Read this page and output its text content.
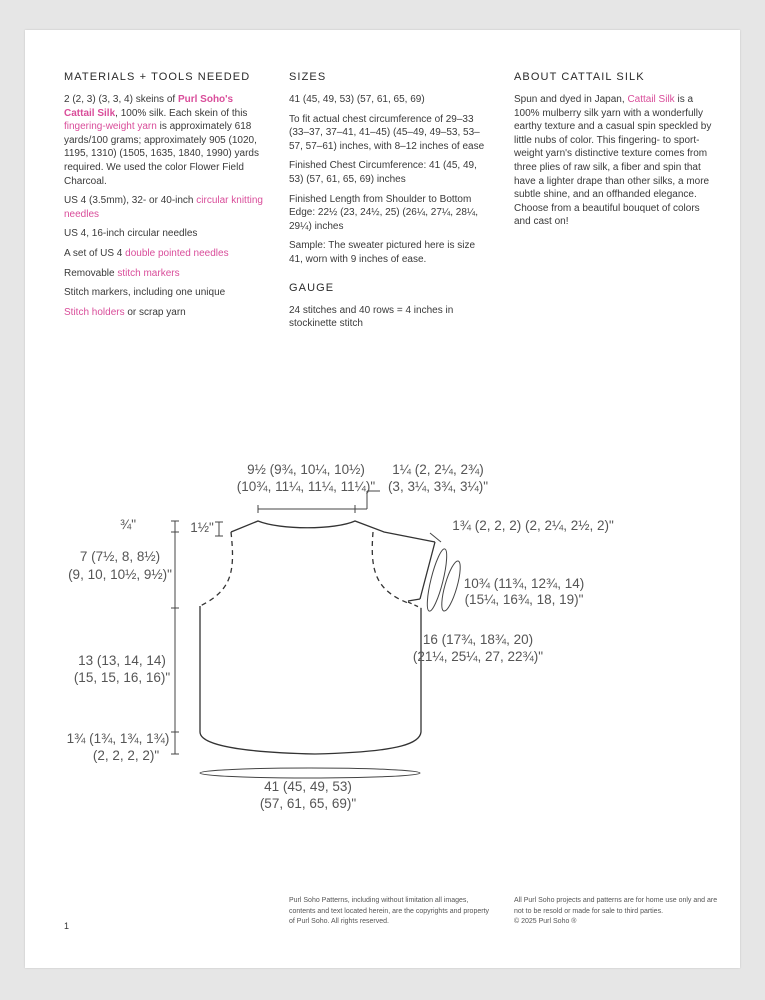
MATERIALS + TOOLS NEEDED

2 (2, 3) (3, 3, 4) skeins of Purl Soho's Cattail Silk, 100% silk. Each skein of this fingering-weight yarn is approximately 618 yards/100 grams; approximately 905 (1020, 1195, 1310) (1505, 1635, 1840, 1990) yards required. We used the color Flower Field Charcoal.

US 4 (3.5mm), 32- or 40-inch circular knitting needles

US 4, 16-inch circular needles

A set of US 4 double pointed needles

Removable stitch markers

Stitch markers, including one unique

Stitch holders or scrap yarn

SIZES

41 (45, 49, 53) (57, 61, 65, 69)

To fit actual chest circumference of 29–33 (33–37, 37–41, 41–45) (45–49, 49–53, 53–57, 57–61) inches, with 8–12 inches of ease

Finished Chest Circumference: 41 (45, 49, 53) (57, 61, 65, 69) inches

Finished Length from Shoulder to Bottom Edge: 22½ (23, 24½, 25) (26¼, 27¼, 28¼, 29¼) inches

Sample: The sweater pictured here is size 41, worn with 9 inches of ease.

GAUGE

24 stitches and 40 rows = 4 inches in stockinette stitch

ABOUT CATTAIL SILK

Spun and dyed in Japan, Cattail Silk is a 100% mulberry silk yarn with a wonderfully earthy texture and a casual spin speckled by little nubs of color. This fingering- to sport-weight yarn's distinctive texture comes from three plies of raw silk, a fiber and spin that have a lighter drape than other silks, a more subtle shine, and an offhanded elegance. Choose from a beautiful bouquet of colors and cast on!

9½ (9¾, 10¼, 10½)
(10¾, 11¼, 11¼, 11¼)"
1¼ (2, 2¼, 2¾)
(3, 3¼, 3¾, 3¼)"
¾"	1½"
7 (7½, 8, 8½)
(9, 10, 10½, 9½)"
1¾ (2, 2, 2) (2, 2¼, 2½, 2)"
10¾ (11¾, 12¾, 14)
(15¼, 16¾, 18, 19)"
13 (13, 14, 14)
(15, 15, 16, 16)"
16 (17¾, 18¾, 20)
(21¼, 25¼, 27, 22¾)"
1¾ (1¾, 1¾, 1¾)
(2, 2, 2, 2)"
41 (45, 49, 53)
(57, 61, 65, 69)"
Purl Soho Patterns, including without limitation all images, contents and text located herein, are the copyrights and property of Purl Soho. All rights reserved.
All Purl Soho projects and patterns are for home use only and are not to be resold or made for sale to third parties.
© 2025 Purl Soho ®
1
